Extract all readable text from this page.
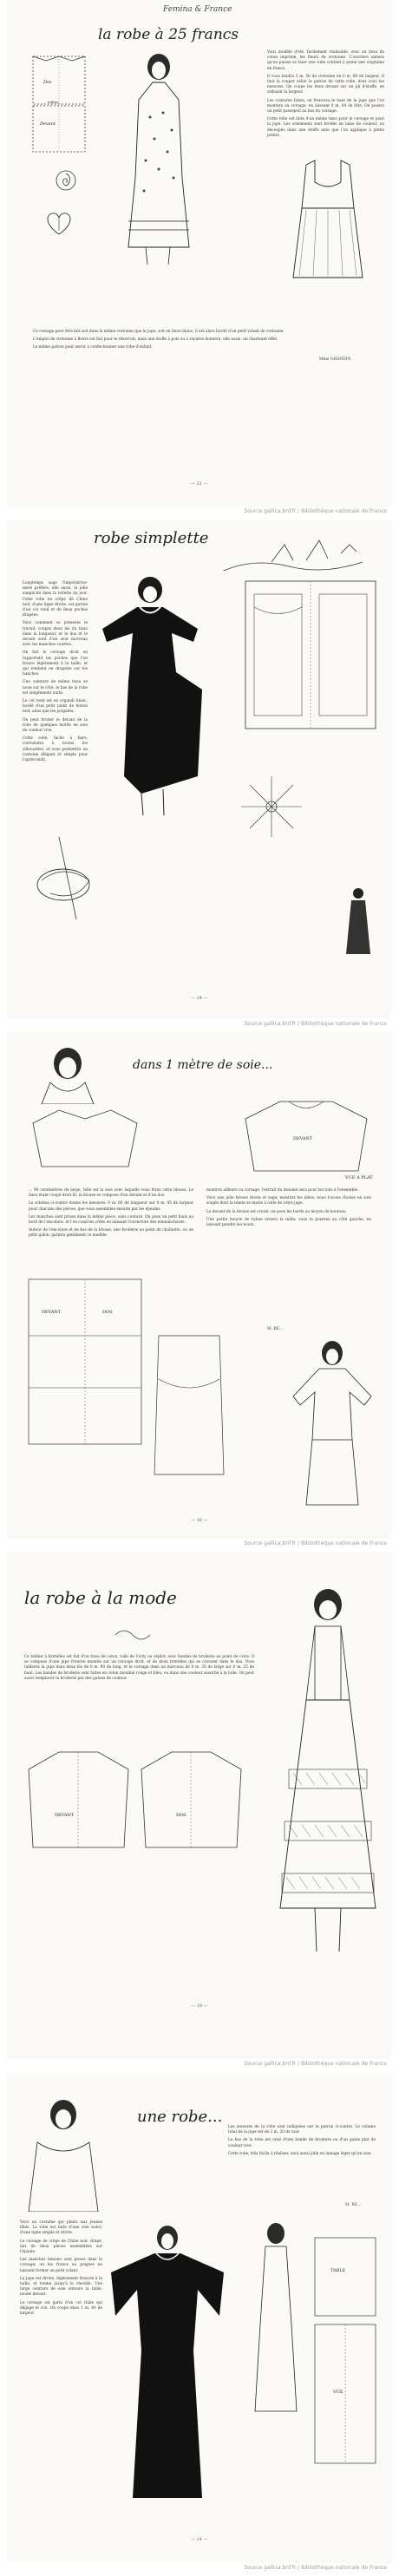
Femina & France
la robe à 25 francs
Dos
Devant
milieu

Voici modèle d'été, facilement réalisable, avec un tissu de coton imprimé, les fleurs de cretonne. L'ouvrière aimera qu'on puisse se faire une robe coûtant à peine une vingtaine de francs.

Il vous faudra 3 m. 50 de cretonne en 0 m. 80 de largeur. Il faut la couper selon le patron de cette robe, dont voici les mesures. On coupe les deux devant sur un pli d'étoffe, en utilisant la largeur.

Les coutures faites, on froncera le haut de la jupe que l'on montera au corsage, en laissant 0 m. 04 de tête. On posera un petit passepoil au bas du corsage.

Cette robe est faite d'un même tissu pour le corsage et pour la jupe. Les ornements sont brodés en laine de couleur, ou découpés dans une étoffe unie que l'on applique à petits points.

Ce corsage peut être fait soit dans la même cretonne que la jupe, soit en linon blanc; il est alors bordé d'un petit volant de cretonne.

L'emploi de cretonne à fleurs est fait pour le réservoir, mais une étoffe à pois ou à rayures donnera, elle aussi, un charmant effet.

Le même patron peut servir à confectionner une robe d'enfant.

Mme GRANDIN
— 21 —
Source gallica.bnf.fr / Bibliothèque nationale de France
robe simplette

Longtemps sage l'impératrice-mère préfère, elle aussi, la jolie simplicité dans la toilette du jour. Cette robe en crêpe de Chine noir, d'une ligne droite, est garnie d'un col rond et de deux poches drapées.

Voici comment se présente le travail: coupez deux lés du tissu dans la longueur, et le dos et le devant sont d'un seul morceau avec les manches courtes.

On fait le corsage droit en rapportant les poches que l'on fronce légèrement à la taille, et qui tombent en draperie sur les hanches.

Une ceinture de même tissu se noue sur le côté; le bas de la robe est simplement ourlé.

Le col rond est en organdi blanc, bordé d'un petit point de feston noir, ainsi que les poignets.

On peut broder le devant de la robe de quelques motifs en soie de couleur vive.

Cette robe, facile à faire, conviendra à toutes les silhouettes, et vous permettra un costume élégant et simple pour l'après-midi.

— 24 —
Source gallica.bnf.fr / Bibliothèque nationale de France
dans 1 mètre de soie...
DEVANT
VUE A PLAT

... 90 centimètres de large, telle est la soie avec laquelle vous ferez cette blouse. Le tissu étant coupé droit fil, la blouse se compose d'un devant et d'un dos.

Le schéma ci-contre donne les mesures: 0 m. 60 de longueur sur 0 m. 45 de largeur pour chacune des pièces, que vous assemblez ensuite par les épaules.

Les manches sont prises dans la même pièce, sans couture. On pose un petit biais au bord de l'encolure, et l'on coud les côtés en laissant l'ouverture des emmanchures.

Autour de l'encolure et en bas de la blouse, une broderie au point de chaînette, ou un petit galon, garnira gentiment ce modèle.

montrez ailleurs ou corsage, l'extrait du dessiné sera pour les tons à l'ensemble.

Voici une jolie blouse droite et sage; montrez les idées, nous l'avons choisie en soie souple dont la teinte se marie à celle de votre jupe.

Le devant de la blouse est croisé; on pose les bords au moyen de boutons.

Une petite boucle de ruban ornera la taille; vous la poserez au côté gauche, en laissant pendre les bouts.

DEVANT	DOS
M. RE...
— 16 —
Source gallica.bnf.fr / Bibliothèque nationale de France
la robe à la mode

Ce tablier à bretelles est fait d'un tissu de coton, toile de Vichy ou zéphir, avec bandes de broderie au point de croix. Il se compose d'une jupe froncée montée sur un corsage droit, et de deux bretelles qui se croisent dans le dos. Vous taillerez la jupe dans deux lés de 0 m. 90 de long, et le corsage dans un morceau de 0 m. 35 de large sur 0 m. 25 de haut. Les bandes de broderie sont faites en coton mouliné rouge et bleu, ou dans une couleur assortie à la toile. On peut aussi remplacer la broderie par des galons de couleur.

DEVANT	DOS
— 19 —
Source gallica.bnf.fr / Bibliothèque nationale de France
une robe...

Voici un costume qui plaira aux jeunes filles. La robe est faite d'une soie noire, d'une ligne simple et droite.

Le corsage de crêpe de Chine noir, drapé, fait de deux pièces assemblées sur l'épaule.

Les manches kimono sont prises dans le corsage; on les fronce au poignet en laissant former un petit volant.

La jupe est droite, légèrement froncée à la taille, et tombe jusqu'à la cheville. Une large ceinture de soie entoure la taille, nouée devant.

Le corsage est garni d'un col châle qui dégage le cou. On coupe dans 1 m. 40 de largeur.

Les mesures de la robe sont indiquées sur le patron ci-contre. Le volume total de la jupe est de 2 m. 20 de tour.

Le bas de la robe est orné d'une bande de broderie ou d'un galon plat de couleur vive.

Cette robe, très facile à réaliser, sera aussi jolie en lainage léger qu'en soie.

M. RE...
TABLE
VUE
— 14 —
Source gallica.bnf.fr / Bibliothèque nationale de France
